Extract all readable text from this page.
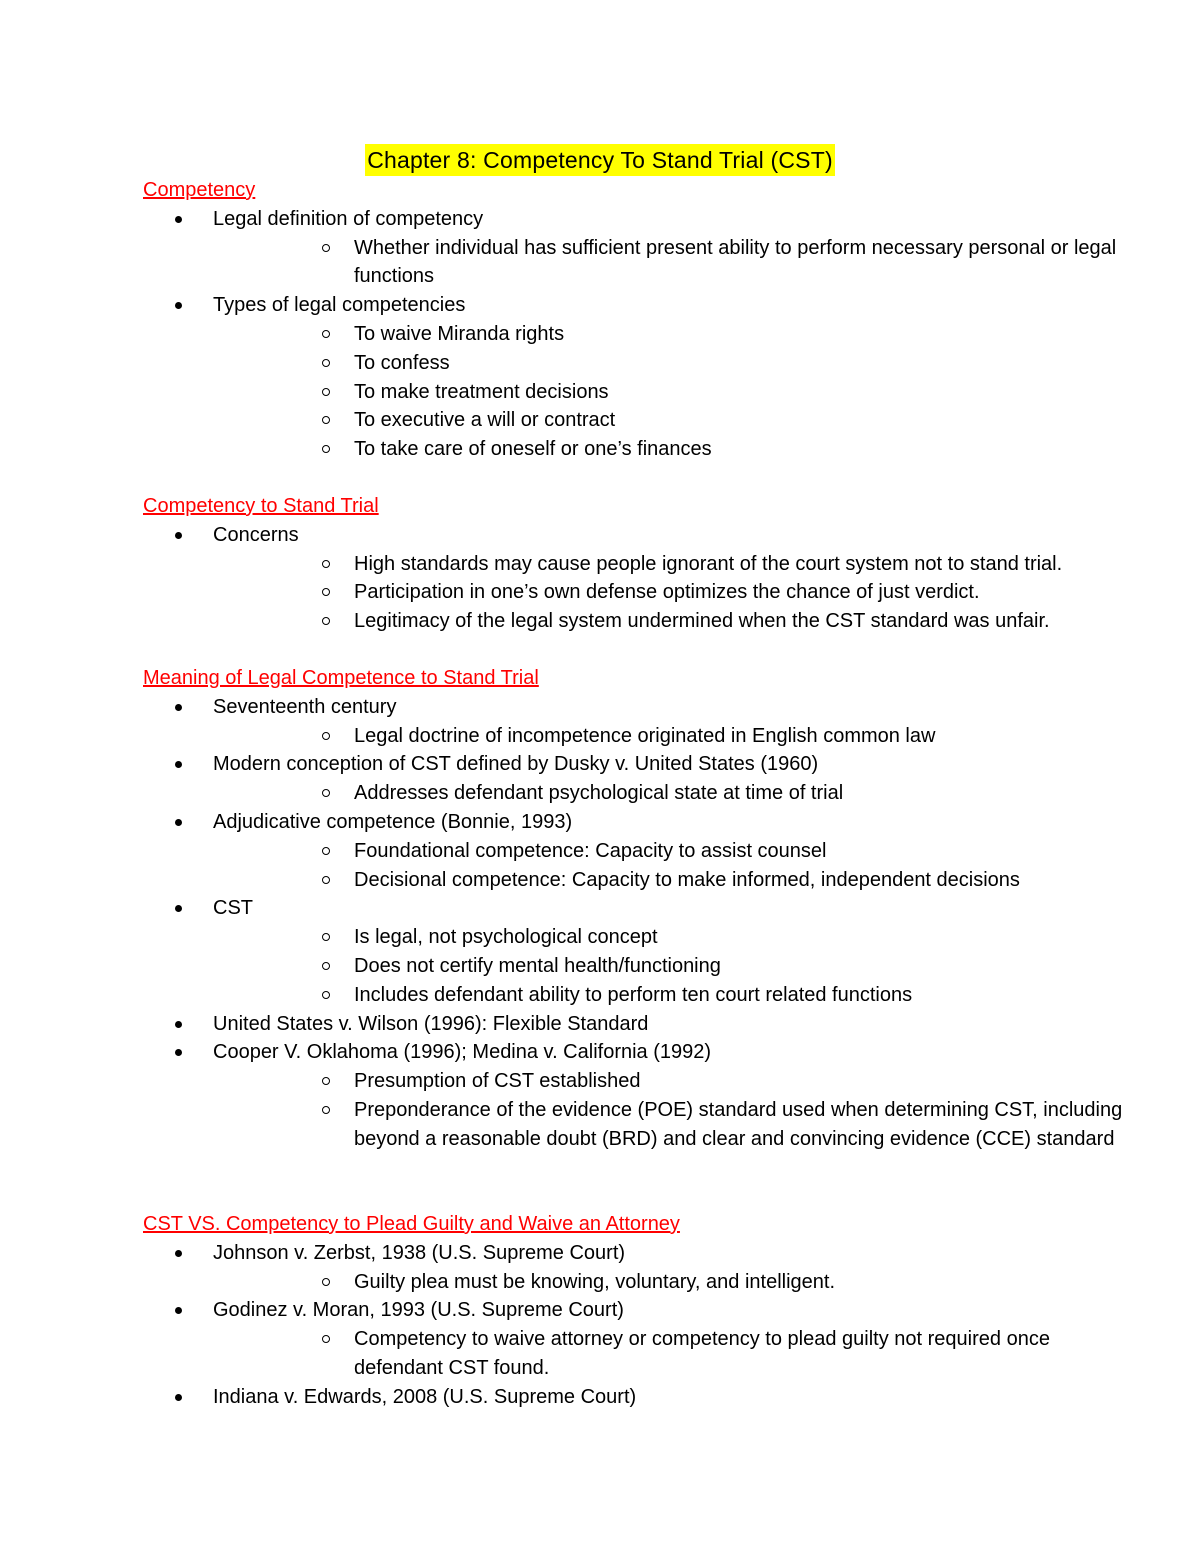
Chapter 8: Competency To Stand Trial (CST)
Competency
Legal definition of competency
Whether individual has sufficient present ability to perform necessary personal or legal functions
Types of legal competencies
To waive Miranda rights
To confess
To make treatment decisions
To executive a will or contract
To take care of oneself or one’s finances
Competency to Stand Trial
Concerns
High standards may cause people ignorant of the court system not to stand trial.
Participation in one’s own defense optimizes the chance of just verdict.
Legitimacy of the legal system undermined when the CST standard was unfair.
Meaning of Legal Competence to Stand Trial
Seventeenth century
Legal doctrine of incompetence originated in English common law
Modern conception of CST defined by Dusky v. United States (1960)
Addresses defendant psychological state at time of trial
Adjudicative competence (Bonnie, 1993)
Foundational competence: Capacity to assist counsel
Decisional competence: Capacity to make informed, independent decisions
CST
Is legal, not psychological concept
Does not certify mental health/functioning
Includes defendant ability to perform ten court related functions
United States v. Wilson (1996): Flexible Standard
Cooper V. Oklahoma (1996); Medina v. California (1992)
Presumption of CST established
Preponderance of the evidence (POE) standard used when determining CST, including beyond a reasonable doubt (BRD) and clear and convincing evidence (CCE) standard
CST VS. Competency to Plead Guilty and Waive an Attorney
Johnson v. Zerbst, 1938 (U.S. Supreme Court)
Guilty plea must be knowing, voluntary, and intelligent.
Godinez v. Moran, 1993 (U.S. Supreme Court)
Competency to waive attorney or competency to plead guilty not required once defendant CST found.
Indiana v. Edwards, 2008 (U.S. Supreme Court)
